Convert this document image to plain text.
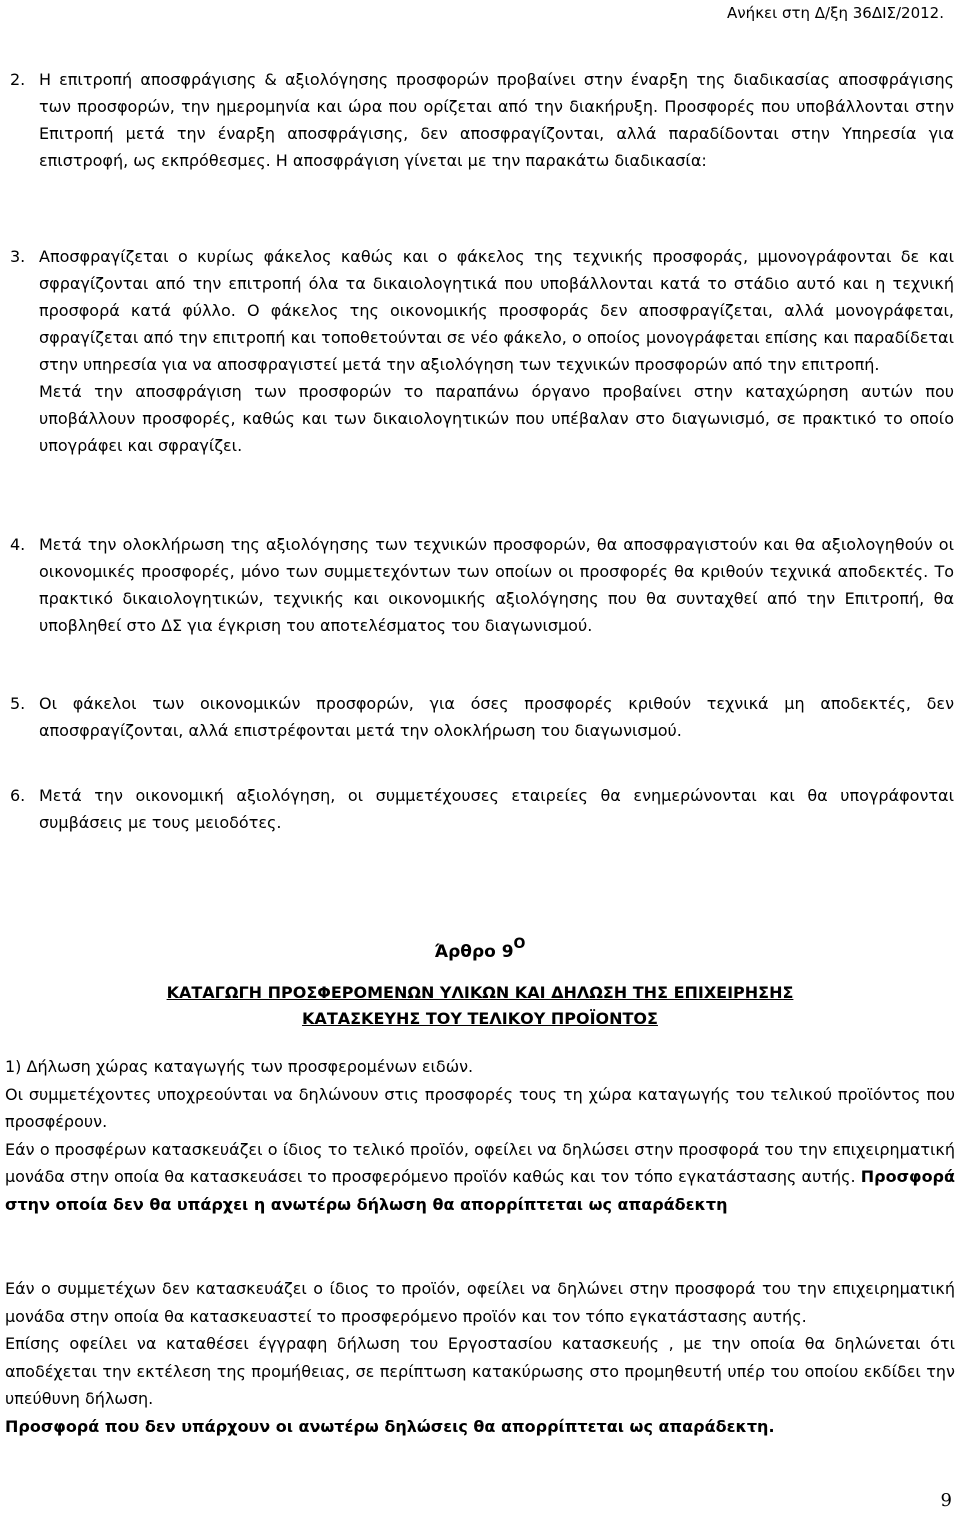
Ανήκει στη Δ/ξη 36ΔΙΣ/2012.
2. Η επιτροπή αποσφράγισης & αξιολόγησης προσφορών προβαίνει στην έναρξη της διαδικασίας αποσφράγισης των προσφορών, την ημερομηνία και ώρα που ορίζεται από την διακήρυξη. Προσφορές που υποβάλλονται στην Επιτροπή μετά την έναρξη αποσφράγισης, δεν αποσφραγίζονται, αλλά παραδίδονται στην Υπηρεσία για επιστροφή, ως εκπρόθεσμες. Η αποσφράγιση γίνεται με την παρακάτω διαδικασία:

3. Αποσφραγίζεται ο κυρίως φάκελος καθώς και ο φάκελος της τεχνικής προσφοράς, μμονογράφονται δε και σφραγίζονται από την επιτροπή όλα τα δικαιολογητικά που υποβάλλονται κατά το στάδιο αυτό και η τεχνική προσφορά κατά φύλλο. Ο φάκελος της οικονομικής προσφοράς δεν αποσφραγίζεται, αλλά μονογράφεται, σφραγίζεται από την επιτροπή και τοποθετούνται σε νέο φάκελο, ο οποίος μονογράφεται επίσης και παραδίδεται στην υπηρεσία για να αποσφραγιστεί μετά την αξιολόγηση των τεχνικών προσφορών από την επιτροπή.

Μετά την αποσφράγιση των προσφορών το παραπάνω όργανο προβαίνει στην καταχώρηση αυτών που υποβάλλουν προσφορές, καθώς και των δικαιολογητικών που υπέβαλαν στο διαγωνισμό, σε πρακτικό το οποίο υπογράφει και σφραγίζει.

4. Μετά την ολοκλήρωση της αξιολόγησης των τεχνικών προσφορών, θα αποσφραγιστούν και θα αξιολογηθούν οι οικονομικές προσφορές, μόνο των συμμετεχόντων των οποίων οι προσφορές θα κριθούν τεχνικά αποδεκτές. Το πρακτικό δικαιολογητικών, τεχνικής και οικονομικής αξιολόγησης που θα συνταχθεί από την Επιτροπή, θα υποβληθεί στο ΔΣ για έγκριση του αποτελέσματος του διαγωνισμού.

5. Οι φάκελοι των οικονομικών προσφορών, για όσες προσφορές κριθούν τεχνικά μη αποδεκτές, δεν αποσφραγίζονται, αλλά επιστρέφονται μετά την ολοκλήρωση του διαγωνισμού.

6. Μετά την οικονομική αξιολόγηση, οι συμμετέχουσες εταιρείες θα ενημερώνονται και θα υπογράφονται συμβάσεις με τους μειοδότες.

Άρθρο $9^O$
ΚΑΤΑΓΩΓΗ ΠΡΟΣΦΕΡΟΜΕΝΩΝ ΥΛΙΚΩΝ ΚΑΙ ΔΗΛΩΣΗ ΤΗΣ ΕΠΙΧΕΙΡΗΣΗΣ
ΚΑΤΑΣΚΕΥΗΣ ΤΟΥ ΤΕΛΙΚΟΥ ΠΡΟΪΟΝΤΟΣ

1) Δήλωση χώρας καταγωγής των προσφερομένων ειδών.

Οι συμμετέχοντες υποχρεούνται να δηλώνουν στις προσφορές τους τη χώρα καταγωγής του τελικού προϊόντος που προσφέρουν.

Εάν ο προσφέρων κατασκευάζει ο ίδιος το τελικό προϊόν, οφείλει να δηλώσει στην προσφορά του την επιχειρηματική μονάδα στην οποία θα κατασκευάσει το προσφερόμενο προϊόν καθώς και τον τόπο εγκατάστασης αυτής. Προσφορά στην οποία δεν θα υπάρχει η ανωτέρω δήλωση θα απορρίπτεται ως απαράδεκτη

Εάν ο συμμετέχων δεν κατασκευάζει ο ίδιος το προϊόν, οφείλει να δηλώνει στην προσφορά του την επιχειρηματική μονάδα στην οποία θα κατασκευαστεί το προσφερόμενο προϊόν και τον τόπο εγκατάστασης αυτής.

Επίσης οφείλει να καταθέσει έγγραφη δήλωση του Εργοστασίου κατασκευής , με την οποία θα δηλώνεται ότι αποδέχεται την εκτέλεση της προμήθειας, σε περίπτωση κατακύρωσης στο προμηθευτή υπέρ του οποίου εκδίδει την υπεύθυνη δήλωση.

Προσφορά που δεν υπάρχουν οι ανωτέρω δηλώσεις θα απορρίπτεται ως απαράδεκτη.

9
